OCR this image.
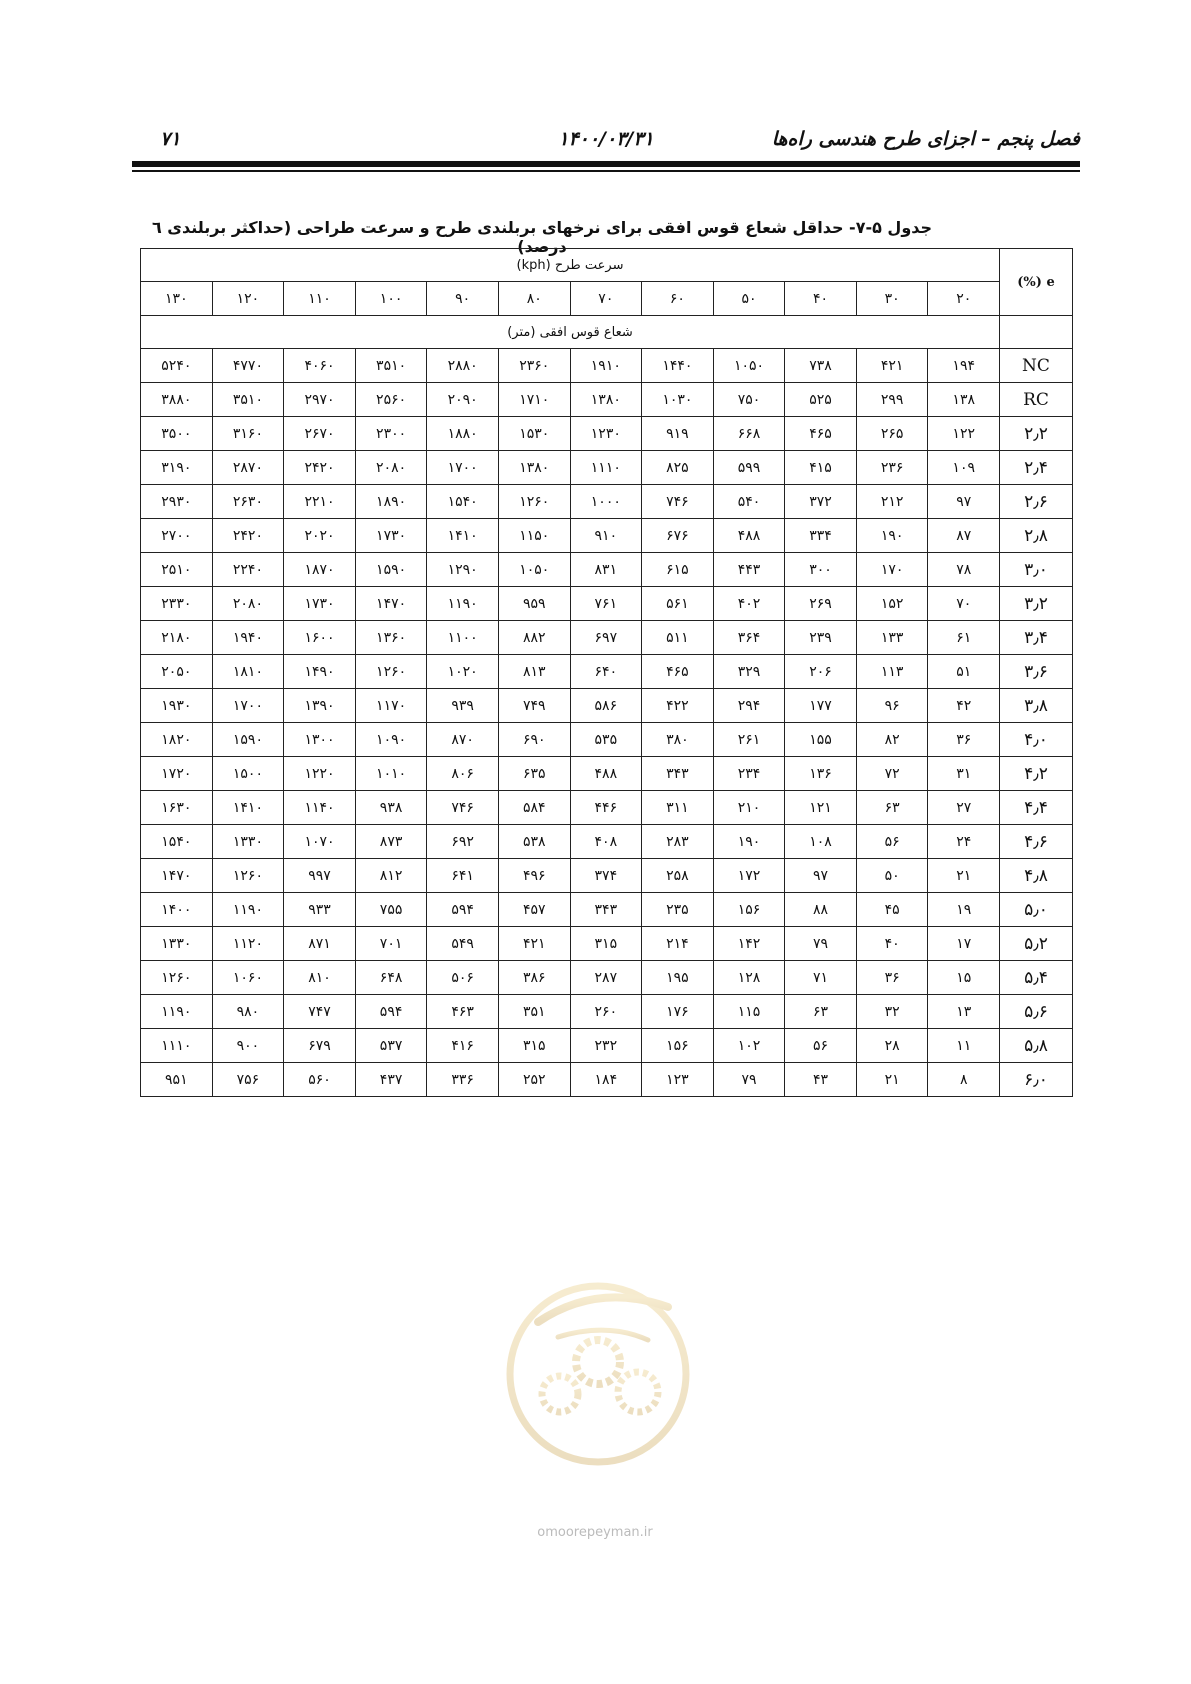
فصل پنجم – اجزای طرح هندسی راه‌ها
۱۴۰۰/۰۳/۳۱
۷۱
جدول ۵-۷- حداقل شعاع قوس افقی برای نرخهای بربلندی طرح و سرعت طراحی (حداکثر بربلندی ٦ درصد)
e (%)	سرعت طرح (kph)											
	۲۰	۳۰	۴۰	۵۰	۶۰	۷۰	۸۰	۹۰	۱۰۰	۱۱۰	۱۲۰	۱۳۰
	شعاع قوس افقی (متر)											
NC	۱۹۴	۴۲۱	۷۳۸	۱۰۵۰	۱۴۴۰	۱۹۱۰	۲۳۶۰	۲۸۸۰	۳۵۱۰	۴۰۶۰	۴۷۷۰	۵۲۴۰
RC	۱۳۸	۲۹۹	۵۲۵	۷۵۰	۱۰۳۰	۱۳۸۰	۱۷۱۰	۲۰۹۰	۲۵۶۰	۲۹۷۰	۳۵۱۰	۳۸۸۰
۲٫۲	۱۲۲	۲۶۵	۴۶۵	۶۶۸	۹۱۹	۱۲۳۰	۱۵۳۰	۱۸۸۰	۲۳۰۰	۲۶۷۰	۳۱۶۰	۳۵۰۰
۲٫۴	۱۰۹	۲۳۶	۴۱۵	۵۹۹	۸۲۵	۱۱۱۰	۱۳۸۰	۱۷۰۰	۲۰۸۰	۲۴۲۰	۲۸۷۰	۳۱۹۰
۲٫۶	۹۷	۲۱۲	۳۷۲	۵۴۰	۷۴۶	۱۰۰۰	۱۲۶۰	۱۵۴۰	۱۸۹۰	۲۲۱۰	۲۶۳۰	۲۹۳۰
۲٫۸	۸۷	۱۹۰	۳۳۴	۴۸۸	۶۷۶	۹۱۰	۱۱۵۰	۱۴۱۰	۱۷۳۰	۲۰۲۰	۲۴۲۰	۲۷۰۰
۳٫۰	۷۸	۱۷۰	۳۰۰	۴۴۳	۶۱۵	۸۳۱	۱۰۵۰	۱۲۹۰	۱۵۹۰	۱۸۷۰	۲۲۴۰	۲۵۱۰
۳٫۲	۷۰	۱۵۲	۲۶۹	۴۰۲	۵۶۱	۷۶۱	۹۵۹	۱۱۹۰	۱۴۷۰	۱۷۳۰	۲۰۸۰	۲۳۳۰
۳٫۴	۶۱	۱۳۳	۲۳۹	۳۶۴	۵۱۱	۶۹۷	۸۸۲	۱۱۰۰	۱۳۶۰	۱۶۰۰	۱۹۴۰	۲۱۸۰
۳٫۶	۵۱	۱۱۳	۲۰۶	۳۲۹	۴۶۵	۶۴۰	۸۱۳	۱۰۲۰	۱۲۶۰	۱۴۹۰	۱۸۱۰	۲۰۵۰
۳٫۸	۴۲	۹۶	۱۷۷	۲۹۴	۴۲۲	۵۸۶	۷۴۹	۹۳۹	۱۱۷۰	۱۳۹۰	۱۷۰۰	۱۹۳۰
۴٫۰	۳۶	۸۲	۱۵۵	۲۶۱	۳۸۰	۵۳۵	۶۹۰	۸۷۰	۱۰۹۰	۱۳۰۰	۱۵۹۰	۱۸۲۰
۴٫۲	۳۱	۷۲	۱۳۶	۲۳۴	۳۴۳	۴۸۸	۶۳۵	۸۰۶	۱۰۱۰	۱۲۲۰	۱۵۰۰	۱۷۲۰
۴٫۴	۲۷	۶۳	۱۲۱	۲۱۰	۳۱۱	۴۴۶	۵۸۴	۷۴۶	۹۳۸	۱۱۴۰	۱۴۱۰	۱۶۳۰
۴٫۶	۲۴	۵۶	۱۰۸	۱۹۰	۲۸۳	۴۰۸	۵۳۸	۶۹۲	۸۷۳	۱۰۷۰	۱۳۳۰	۱۵۴۰
۴٫۸	۲۱	۵۰	۹۷	۱۷۲	۲۵۸	۳۷۴	۴۹۶	۶۴۱	۸۱۲	۹۹۷	۱۲۶۰	۱۴۷۰
۵٫۰	۱۹	۴۵	۸۸	۱۵۶	۲۳۵	۳۴۳	۴۵۷	۵۹۴	۷۵۵	۹۳۳	۱۱۹۰	۱۴۰۰
۵٫۲	۱۷	۴۰	۷۹	۱۴۲	۲۱۴	۳۱۵	۴۲۱	۵۴۹	۷۰۱	۸۷۱	۱۱۲۰	۱۳۳۰
۵٫۴	۱۵	۳۶	۷۱	۱۲۸	۱۹۵	۲۸۷	۳۸۶	۵۰۶	۶۴۸	۸۱۰	۱۰۶۰	۱۲۶۰
۵٫۶	۱۳	۳۲	۶۳	۱۱۵	۱۷۶	۲۶۰	۳۵۱	۴۶۳	۵۹۴	۷۴۷	۹۸۰	۱۱۹۰
۵٫۸	۱۱	۲۸	۵۶	۱۰۲	۱۵۶	۲۳۲	۳۱۵	۴۱۶	۵۳۷	۶۷۹	۹۰۰	۱۱۱۰
۶٫۰	۸	۲۱	۴۳	۷۹	۱۲۳	۱۸۴	۲۵۲	۳۳۶	۴۳۷	۵۶۰	۷۵۶	۹۵۱
omoorepeyman.ir
